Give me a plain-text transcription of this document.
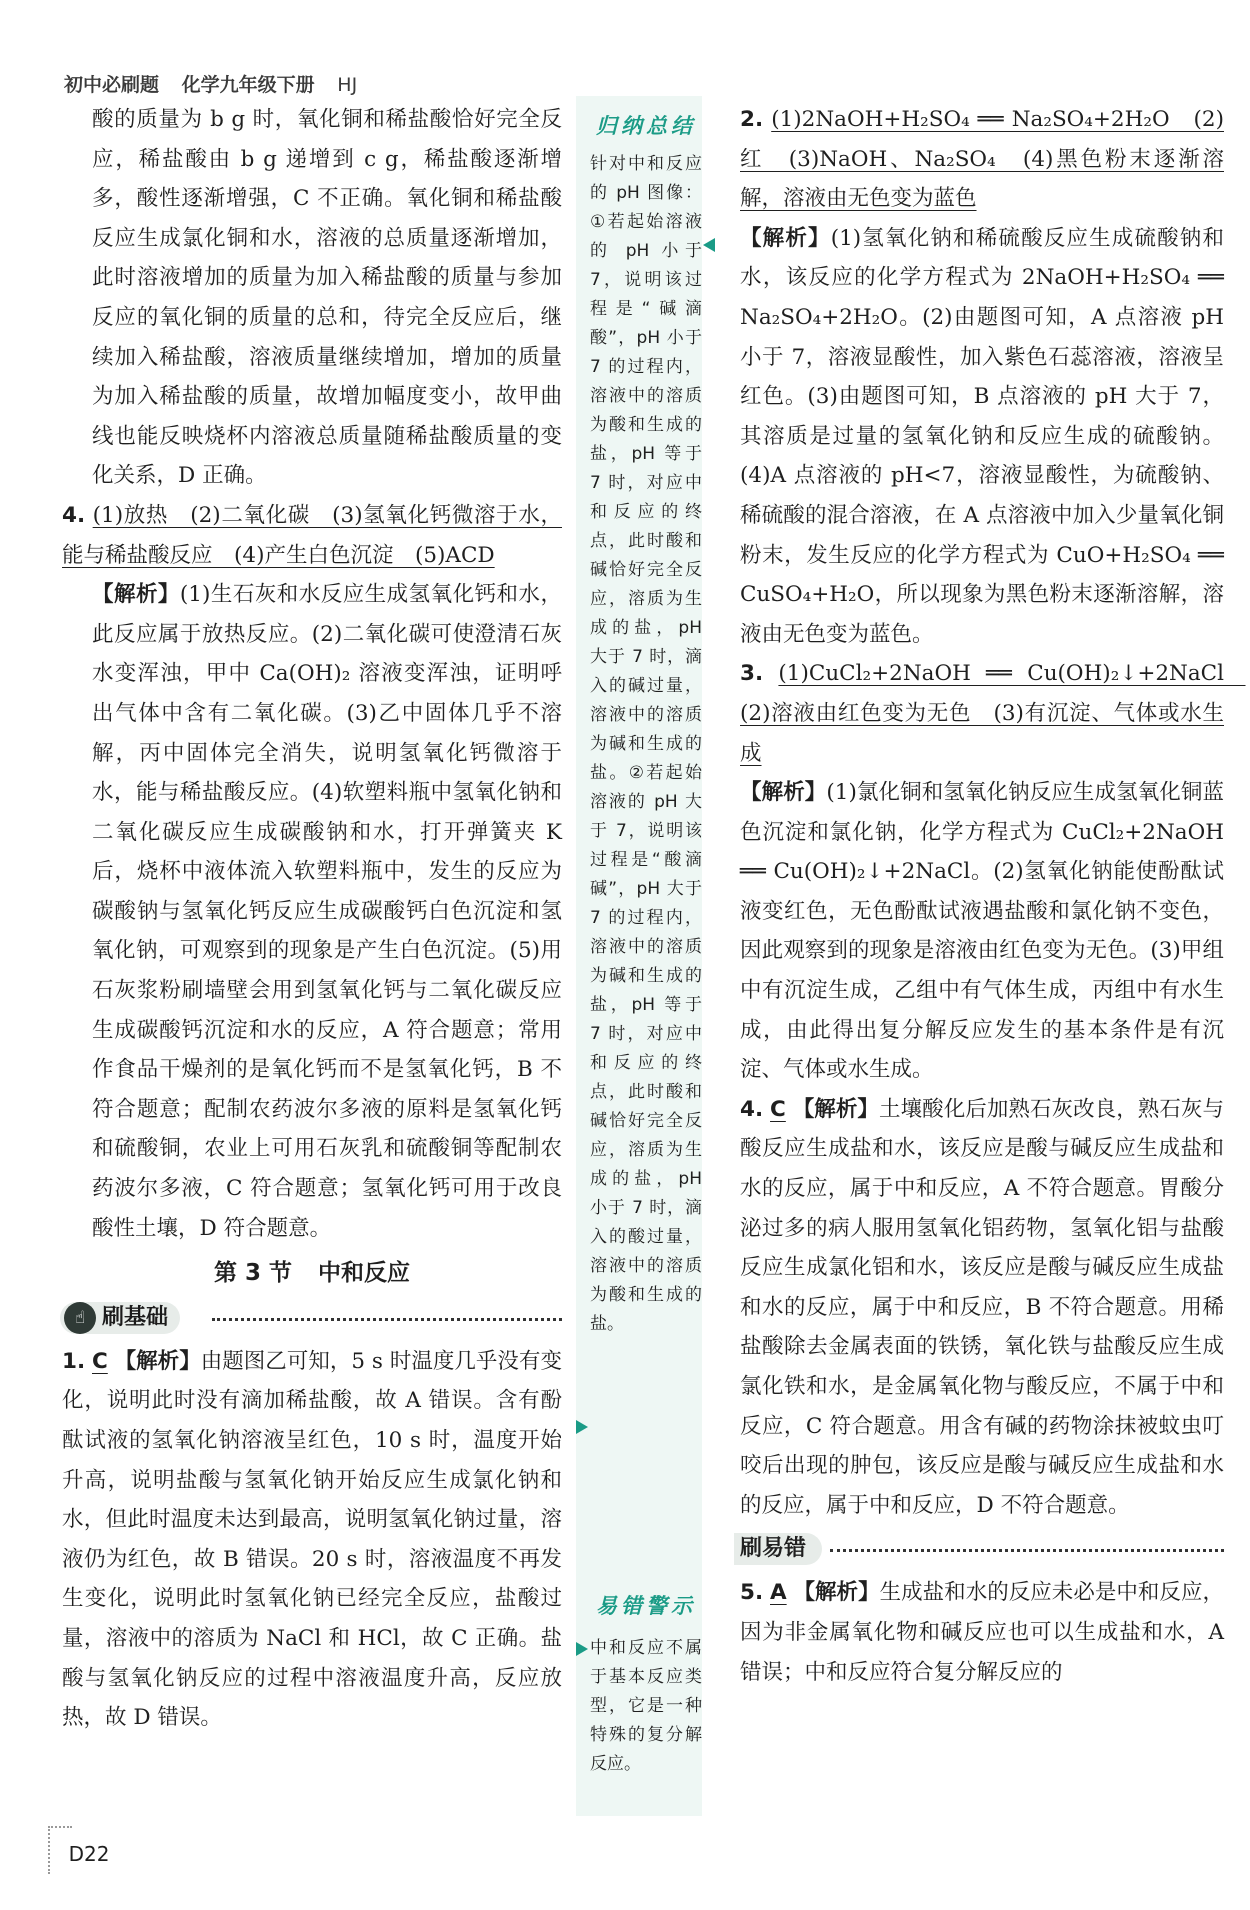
初中必刷题 化学九年级下册 HJ

酸的质量为 b g 时，氧化铜和稀盐酸恰好完全反应，稀盐酸由 b g 递增到 c g，稀盐酸逐渐增多，酸性逐渐增强，C 不正确。氧化铜和稀盐酸反应生成氯化铜和水，溶液的总质量逐渐增加，此时溶液增加的质量为加入稀盐酸的质量与参加反应的氧化铜的质量的总和，待完全反应后，继续加入稀盐酸，溶液质量继续增加，增加的质量为加入稀盐酸的质量，故增加幅度变小，故甲曲线也能反映烧杯内溶液总质量随稀盐酸质量的变化关系，D 正确。

4. (1)放热　(2)二氧化碳　(3)氢氧化钙微溶于水，能与稀盐酸反应　(4)产生白色沉淀　(5)ACD

【解析】(1)生石灰和水反应生成氢氧化钙和水，此反应属于放热反应。(2)二氧化碳可使澄清石灰水变浑浊，甲中 Ca(OH)₂ 溶液变浑浊，证明呼出气体中含有二氧化碳。(3)乙中固体几乎不溶解，丙中固体完全消失，说明氢氧化钙微溶于水，能与稀盐酸反应。(4)软塑料瓶中氢氧化钠和二氧化碳反应生成碳酸钠和水，打开弹簧夹 K 后，烧杯中液体流入软塑料瓶中，发生的反应为碳酸钠与氢氧化钙反应生成碳酸钙白色沉淀和氢氧化钠，可观察到的现象是产生白色沉淀。(5)用石灰浆粉刷墙壁会用到氢氧化钙与二氧化碳反应生成碳酸钙沉淀和水的反应，A 符合题意；常用作食品干燥剂的是氧化钙而不是氢氧化钙，B 不符合题意；配制农药波尔多液的原料是氢氧化钙和硫酸铜，农业上可用石灰乳和硫酸铜等配制农药波尔多液，C 符合题意；氢氧化钙可用于改良酸性土壤，D 符合题意。

第 3 节 中和反应
刷基础
☝

1. C 【解析】由题图乙可知，5 s 时温度几乎没有变化，说明此时没有滴加稀盐酸，故 A 错误。含有酚酞试液的氢氧化钠溶液呈红色，10 s 时，温度开始升高，说明盐酸与氢氧化钠开始反应生成氯化钠和水，但此时温度未达到最高，说明氢氧化钠过量，溶液仍为红色，故 B 错误。20 s 时，溶液温度不再发生变化，说明此时氢氧化钠已经完全反应，盐酸过量，溶液中的溶质为 NaCl 和 HCl，故 C 正确。盐酸与氢氧化钠反应的过程中溶液温度升高，反应放热，故 D 错误。

归纳总结
针对中和反应的 pH 图像：①若起始溶液的 pH 小于 7，说明该过程是“碱滴酸”，pH 小于 7 的过程内，溶液中的溶质为酸和生成的盐，pH 等于 7 时，对应中和反应的终点，此时酸和碱恰好完全反应，溶质为生成的盐，pH 大于 7 时，滴入的碱过量，溶液中的溶质为碱和生成的盐。②若起始溶液的 pH 大于 7，说明该过程是“酸滴碱”，pH 大于 7 的过程内，溶液中的溶质为碱和生成的盐，pH 等于 7 时，对应中和反应的终点，此时酸和碱恰好完全反应，溶质为生成的盐，pH 小于 7 时，滴入的酸过量，溶液中的溶质为酸和生成的盐。
易错警示
中和反应不属于基本反应类型，它是一种特殊的复分解反应。

2. (1)2NaOH+H₂SO₄ ══ Na₂SO₄+2H₂O　(2)红　(3)NaOH、Na₂SO₄　(4)黑色粉末逐渐溶解，溶液由无色变为蓝色

【解析】(1)氢氧化钠和稀硫酸反应生成硫酸钠和水，该反应的化学方程式为 2NaOH+H₂SO₄ ══ Na₂SO₄+2H₂O。(2)由题图可知，A 点溶液 pH 小于 7，溶液显酸性，加入紫色石蕊溶液，溶液呈红色。(3)由题图可知，B 点溶液的 pH 大于 7，其溶质是过量的氢氧化钠和反应生成的硫酸钠。(4)A 点溶液的 pH<7，溶液显酸性，为硫酸钠、稀硫酸的混合溶液，在 A 点溶液中加入少量氧化铜粉末，发生反应的化学方程式为 CuO+H₂SO₄ ══ CuSO₄+H₂O，所以现象为黑色粉末逐渐溶解，溶液由无色变为蓝色。

3. (1)CuCl₂+2NaOH ══ Cu(OH)₂↓+2NaCl　(2)溶液由红色变为无色　(3)有沉淀、气体或水生成

【解析】(1)氯化铜和氢氧化钠反应生成氢氧化铜蓝色沉淀和氯化钠，化学方程式为 CuCl₂+2NaOH ══ Cu(OH)₂↓+2NaCl。(2)氢氧化钠能使酚酞试液变红色，无色酚酞试液遇盐酸和氯化钠不变色，因此观察到的现象是溶液由红色变为无色。(3)甲组中有沉淀生成，乙组中有气体生成，丙组中有水生成，由此得出复分解反应发生的基本条件是有沉淀、气体或水生成。

4. C 【解析】土壤酸化后加熟石灰改良，熟石灰与酸反应生成盐和水，该反应是酸与碱反应生成盐和水的反应，属于中和反应，A 不符合题意。胃酸分泌过多的病人服用氢氧化铝药物，氢氧化铝与盐酸反应生成氯化铝和水，该反应是酸与碱反应生成盐和水的反应，属于中和反应，B 不符合题意。用稀盐酸除去金属表面的铁锈，氧化铁与盐酸反应生成氯化铁和水，是金属氧化物与酸反应，不属于中和反应，C 符合题意。用含有碱的药物涂抹被蚊虫叮咬后出现的肿包，该反应是酸与碱反应生成盐和水的反应，属于中和反应，D 不符合题意。

刷易错

5. A 【解析】生成盐和水的反应未必是中和反应，因为非金属氧化物和碱反应也可以生成盐和水，A 错误；中和反应符合复分解反应的

D22
